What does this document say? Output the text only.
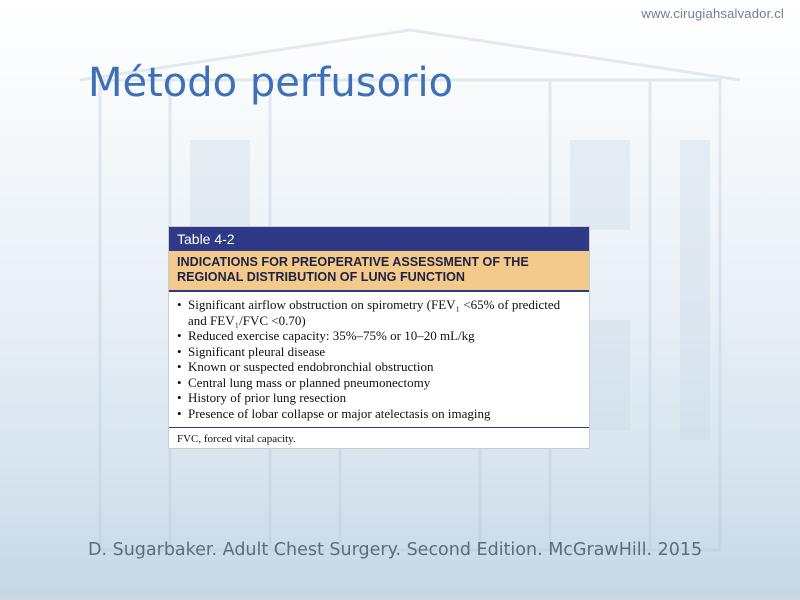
www.cirugiahsalvador.cl
Método perfusorio
Table 4-2
INDICATIONS FOR PREOPERATIVE ASSESSMENT OF THE REGIONAL DISTRIBUTION OF LUNG FUNCTION
• Significant airflow obstruction on spirometry (FEV₁ <65% of predicted and FEV₁/FVC <0.70)
• Reduced exercise capacity: 35%–75% or 10–20 mL/kg
• Significant pleural disease
• Known or suspected endobronchial obstruction
• Central lung mass or planned pneumonectomy
• History of prior lung resection
• Presence of lobar collapse or major atelectasis on imaging
FVC, forced vital capacity.
D. Sugarbaker. Adult Chest Surgery. Second Edition. McGrawHill. 2015
